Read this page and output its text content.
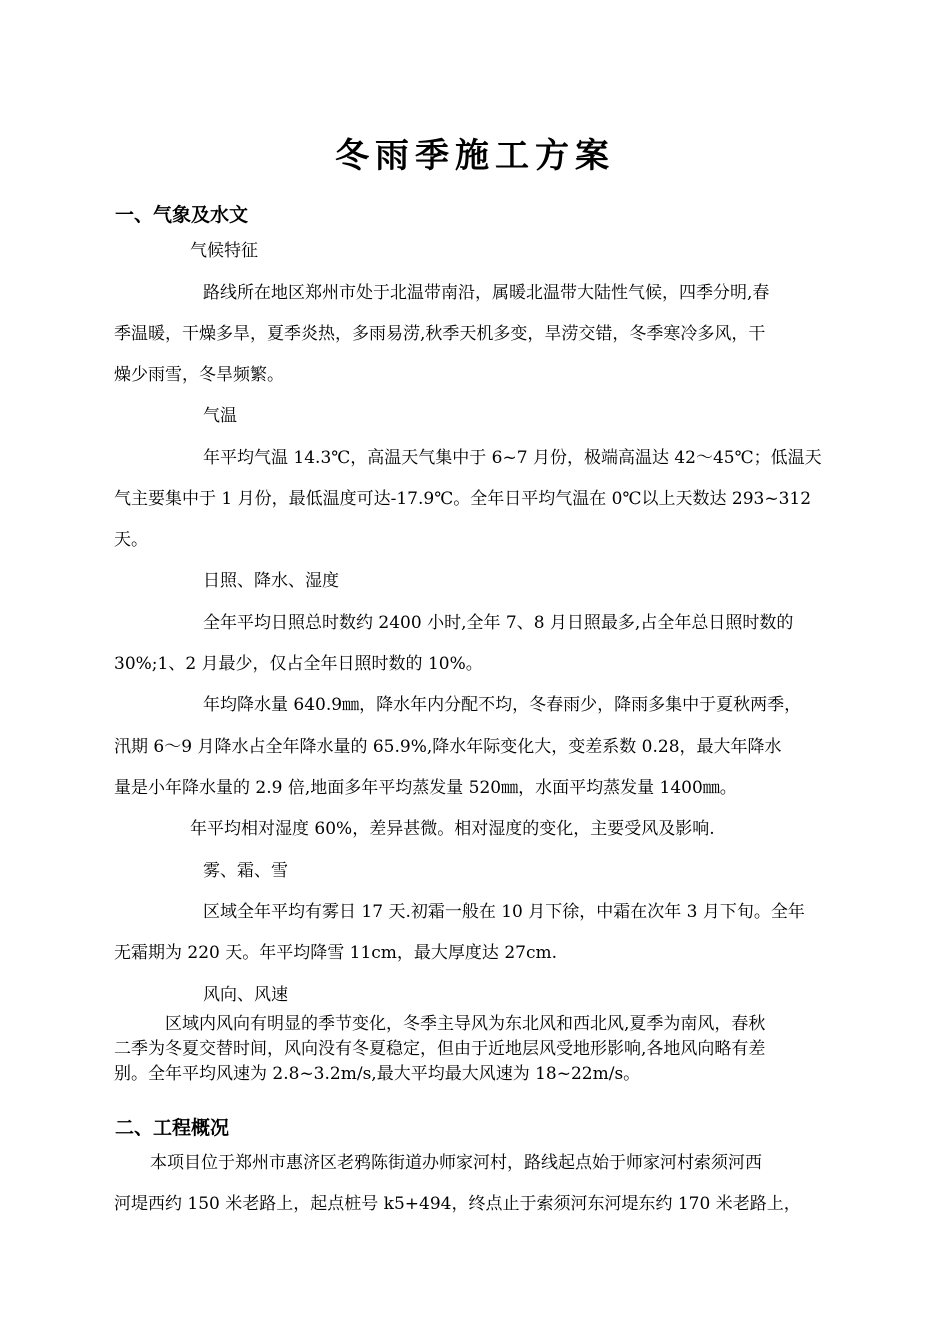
冬雨季施工方案
一、气象及水文
气候特征
路线所在地区郑州市处于北温带南沿，属暖北温带大陆性气候，四季分明,春
季温暖，干燥多旱，夏季炎热，多雨易涝,秋季天机多变，旱涝交错，冬季寒冷多风，干
燥少雨雪，冬旱频繁。
气温
年平均气温 14.3℃，高温天气集中于 6~7 月份，极端高温达 42～45℃；低温天
气主要集中于 1 月份，最低温度可达-17.9℃。全年日平均气温在 0℃以上天数达 293~312
天。
日照、降水、湿度
全年平均日照总时数约 2400 小时,全年 7、8 月日照最多,占全年总日照时数的
30%;1、2 月最少，仅占全年日照时数的 10%。
年均降水量 640.9㎜，降水年内分配不均，冬春雨少，降雨多集中于夏秋两季，
汛期 6～9 月降水占全年降水量的 65.9%,降水年际变化大，变差系数 0.28，最大年降水
量是小年降水量的 2.9 倍,地面多年平均蒸发量 520㎜，水面平均蒸发量 1400㎜。
年平均相对湿度 60%，差异甚微。相对湿度的变化，主要受风及影响.
雾、霜、雪
区域全年平均有雾日 17 天.初霜一般在 10 月下徐，中霜在次年 3 月下旬。全年
无霜期为 220 天。年平均降雪 11cm，最大厚度达 27cm.
风向、风速
区域内风向有明显的季节变化，冬季主导风为东北风和西北风,夏季为南风，春秋
二季为冬夏交替时间，风向没有冬夏稳定，但由于近地层风受地形影响,各地风向略有差
别。全年平均风速为 2.8~3.2m/s,最大平均最大风速为 18~22m/s。
二、工程概况
本项目位于郑州市惠济区老鸦陈街道办师家河村，路线起点始于师家河村索须河西
河堤西约 150 米老路上，起点桩号 k5+494，终点止于索须河东河堤东约 170 米老路上，
